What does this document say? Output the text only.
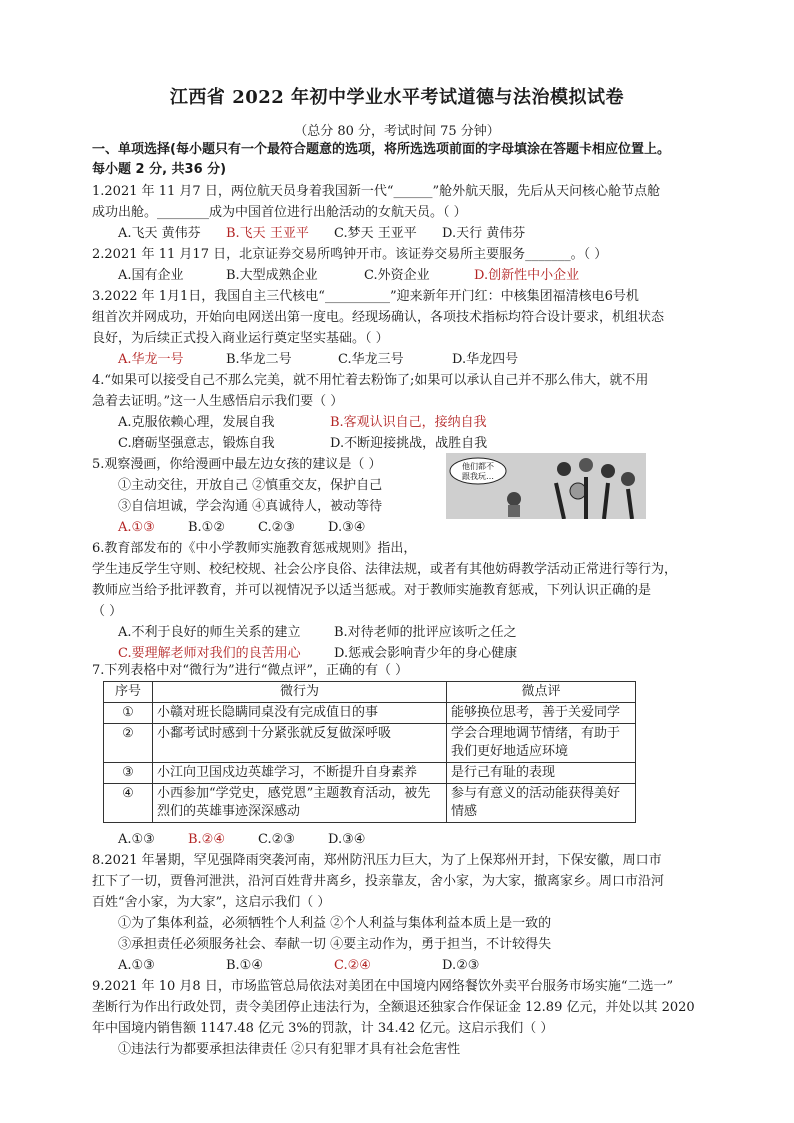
江西省 2022 年初中学业水平考试道德与法治模拟试卷
（总分 80 分，考试时间 75 分钟）
一、单项选择(每小题只有一个最符合题意的选项，将所选选项前面的字母填涂在答题卡相应位置上。
每小题 2 分, 共36 分)
1.2021 年 11 月7 日，两位航天员身着我国新一代“______”舱外航天服，先后从天问核心舱节点舱
成功出舱。________成为中国首位进行出舱活动的女航天员。（ ）
A.飞天 黄伟芬 B.飞天 王亚平 C.梦天 王亚平 D.天行 黄伟芬
2.2021 年 11 月17 日，北京证券交易所鸣钟开市。该证券交易所主要服务_______。（ ）
A.国有企业	B.大型成熟企业	C.外资企业	D.创新性中小企业
3.2022 年 1月1日，我国自主三代核电“__________”迎来新年开门红：中核集团福清核电6号机
组首次并网成功，开始向电网送出第一度电。经现场确认，各项技术指标均符合设计要求，机组状态
良好，为后续正式投入商业运行奠定坚实基础。（ ）
A.华龙一号	B.华龙二号	C.华龙三号	D.华龙四号
4.“如果可以接受自己不那么完美，就不用忙着去粉饰了;如果可以承认自己并不那么伟大，就不用
急着去证明。”这一人生感悟启示我们要（ ）
A.克服依赖心理，发展自我	B.客观认识自己，接纳自我
C.磨砺坚强意志，锻炼自我	D.不断迎接挑战，战胜自我
5.观察漫画，你给漫画中最左边女孩的建议是（ ）
①主动交往，开放自己 ②慎重交友，保护自己
③自信坦诚，学会沟通 ④真诚待人，被动等待
A.①③	B.①②	C.②③	D.③④
他们都不
跟我玩…
6.教育部发布的《中小学教师实施教育惩戒规则》指出，
学生违反学生守则、校纪校规、社会公序良俗、法律法规，或者有其他妨碍教学活动正常进行等行为，
教师应当给予批评教育，并可以视情况予以适当惩戒。对于教师实施教育惩戒，下列认识正确的是
（ ）
A.不利于良好的师生关系的建立	B.对待老师的批评应该听之任之
C.要理解老师对我们的良苦用心	D.惩戒会影响青少年的身心健康
7.下列表格中对“微行为”进行“微点评”，正确的有（ ）
序号	微行为	微点评
①	小赣对班长隐瞒同桌没有完成值日的事	能够换位思考，善于关爱同学
②	小鄱考试时感到十分紧张就反复做深呼吸	学会合理地调节情绪，有助于我们更好地适应环境
③	小江向卫国戍边英雄学习，不断提升自身素养	是行己有耻的表现
④	小西参加“学党史，感党恩”主题教育活动，被先烈们的英雄事迹深深感动	参与有意义的活动能获得美好情感
A.①③	B.②④	C.②③	D.③④
8.2021 年暑期，罕见强降雨突袭河南，郑州防汛压力巨大，为了上保郑州开封，下保安徽，周口市
扛下了一切，贾鲁河泄洪，沿河百姓背井离乡，投亲靠友，舍小家，为大家，撤离家乡。周口市沿河
百姓“舍小家，为大家”，这启示我们（ ）
①为了集体利益，必须牺牲个人利益 ②个人利益与集体利益本质上是一致的
③承担责任必须服务社会、奉献一切 ④要主动作为，勇于担当，不计较得失
A.①③	B.①④	C.②④	D.②③
9.2021 年 10 月8 日，市场监管总局依法对美团在中国境内网络餐饮外卖平台服务市场实施“二选一”
垄断行为作出行政处罚，责令美团停止违法行为，全额退还独家合作保证金 12.89 亿元，并处以其 2020
年中国境内销售额 1147.48 亿元 3%的罚款，计 34.42 亿元。这启示我们（ ）
①违法行为都要承担法律责任 ②只有犯罪才具有社会危害性
